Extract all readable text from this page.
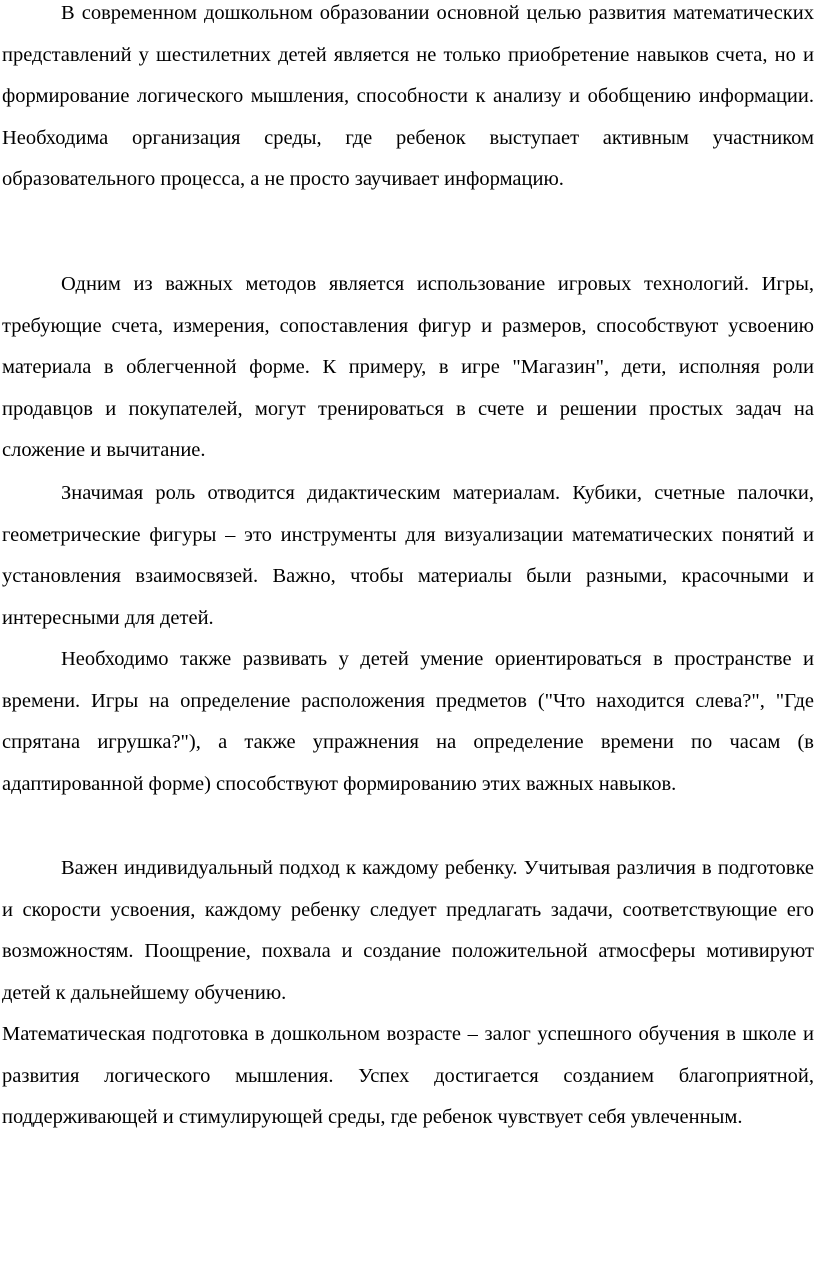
В современном дошкольном образовании основной целью развития математических представлений у шестилетних детей является не только приобретение навыков счета, но и формирование логического мышления, способности к анализу и обобщению информации. Необходима организация среды, где ребенок выступает активным участником образовательного процесса, а не просто заучивает информацию.

Одним из важных методов является использование игровых технологий. Игры, требующие счета, измерения, сопоставления фигур и размеров, способствуют усвоению материала в облегченной форме. К примеру, в игре "Магазин", дети, исполняя роли продавцов и покупателей, могут тренироваться в счете и решении простых задач на сложение и вычитание.

Значимая роль отводится дидактическим материалам. Кубики, счетные палочки, геометрические фигуры – это инструменты для визуализации математических понятий и установления взаимосвязей. Важно, чтобы материалы были разными, красочными и интересными для детей.

Необходимо также развивать у детей умение ориентироваться в пространстве и времени. Игры на определение расположения предметов ("Что находится слева?", "Где спрятана игрушка?"), а также упражнения на определение времени по часам (в адаптированной форме) способствуют формированию этих важных навыков.

Важен индивидуальный подход к каждому ребенку. Учитывая различия в подготовке и скорости усвоения, каждому ребенку следует предлагать задачи, соответствующие его возможностям. Поощрение, похвала и создание положительной атмосферы мотивируют детей к дальнейшему обучению.

Математическая подготовка в дошкольном возрасте – залог успешного обучения в школе и развития логического мышления. Успех достигается созданием благоприятной, поддерживающей и стимулирующей среды, где ребенок чувствует себя увлеченным.
